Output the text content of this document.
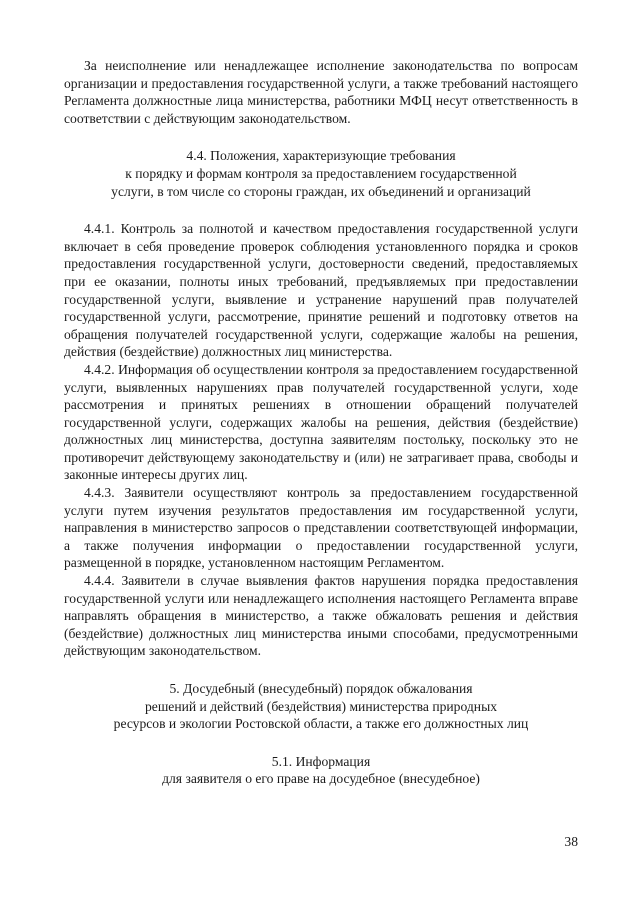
За неисполнение или ненадлежащее исполнение законодательства по вопросам организации и предоставления государственной услуги, а также требований настоящего Регламента должностные лица министерства, работники МФЦ несут ответственность в соответствии с действующим законодательством.

4.4. Положения, характеризующие требования

к порядку и формам контроля за предоставлением государственной

услуги, в том числе со стороны граждан, их объединений и организаций

4.4.1. Контроль за полнотой и качеством предоставления государственной услуги включает в себя проведение проверок соблюдения установленного порядка и сроков предоставления государственной услуги, достоверности сведений, предоставляемых при ее оказании, полноты иных требований, предъявляемых при предоставлении государственной услуги, выявление и устранение нарушений прав получателей государственной услуги, рассмотрение, принятие решений и подготовку ответов на обращения получателей государственной услуги, содержащие жалобы на решения, действия (бездействие) должностных лиц министерства.

4.4.2. Информация об осуществлении контроля за предоставлением государственной услуги, выявленных нарушениях прав получателей государственной услуги, ходе рассмотрения и принятых решениях в отношении обращений получателей государственной услуги, содержащих жалобы на решения, действия (бездействие) должностных лиц министерства, доступна заявителям постольку, поскольку это не противоречит действующему законодательству и (или) не затрагивает права, свободы и законные интересы других лиц.

4.4.3. Заявители осуществляют контроль за предоставлением государственной услуги путем изучения результатов предоставления им государственной услуги, направления в министерство запросов о представлении соответствующей информации, а также получения информации о предоставлении государственной услуги, размещенной в порядке, установленном настоящим Регламентом.

4.4.4. Заявители в случае выявления фактов нарушения порядка предоставления государственной услуги или ненадлежащего исполнения настоящего Регламента вправе направлять обращения в министерство, а также обжаловать решения и действия (бездействие) должностных лиц министерства иными способами, предусмотренными действующим законодательством.

5. Досудебный (внесудебный) порядок обжалования

решений и действий (бездействия) министерства природных

ресурсов и экологии Ростовской области, а также его должностных лиц

5.1. Информация

для заявителя о его праве на досудебное (внесудебное)

38
